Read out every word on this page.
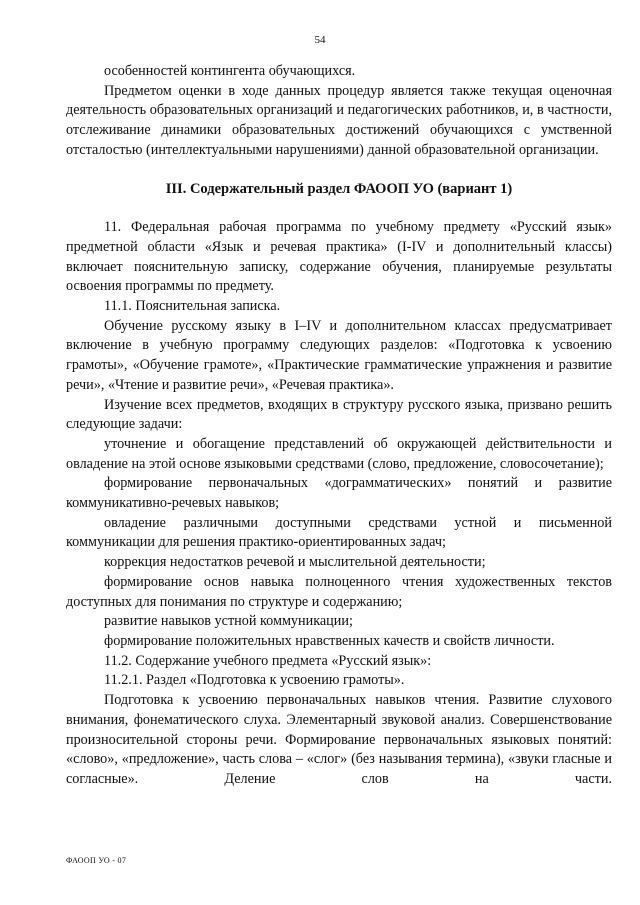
54

особенностей контингента обучающихся.

Предметом оценки в ходе данных процедур является также текущая оценочная деятельность образовательных организаций и педагогических работников, и, в частности, отслеживание динамики образовательных достижений обучающихся с умственной отсталостью (интеллектуальными нарушениями) данной образовательной организации.

III. Содержательный раздел ФАООП УО (вариант 1)

11. Федеральная рабочая программа по учебному предмету «Русский язык» предметной области «Язык и речевая практика» (I-IV и дополнительный классы) включает пояснительную записку, содержание обучения, планируемые результаты освоения программы по предмету.

11.1. Пояснительная записка.

Обучение русскому языку в I–IV и дополнительном классах предусматривает включение в учебную программу следующих разделов: «Подготовка к усвоению грамоты», «Обучение грамоте», «Практические грамматические упражнения и развитие речи», «Чтение и развитие речи», «Речевая практика».

Изучение всех предметов, входящих в структуру русского языка, призвано решить следующие задачи:

уточнение и обогащение представлений об окружающей действительности и овладение на этой основе языковыми средствами (слово, предложение, словосочетание);

формирование первоначальных «дограмматических» понятий и развитие коммуникативно-речевых навыков;

овладение различными доступными средствами устной и письменной коммуникации для решения практико-ориентированных задач;

коррекция недостатков речевой и мыслительной деятельности;

формирование основ навыка полноценного чтения художественных текстов доступных для понимания по структуре и содержанию;

развитие навыков устной коммуникации;

формирование положительных нравственных качеств и свойств личности.

11.2. Содержание учебного предмета «Русский язык»:

11.2.1. Раздел «Подготовка к усвоению грамоты».

Подготовка к усвоению первоначальных навыков чтения. Развитие слухового внимания, фонематического слуха. Элементарный звуковой анализ. Совершенствование произносительной стороны речи. Формирование первоначальных языковых понятий: «слово», «предложение», часть слова – «слог» (без называния термина), «звуки гласные и согласные». Деление слов на части.

ФАООП УО - 07
